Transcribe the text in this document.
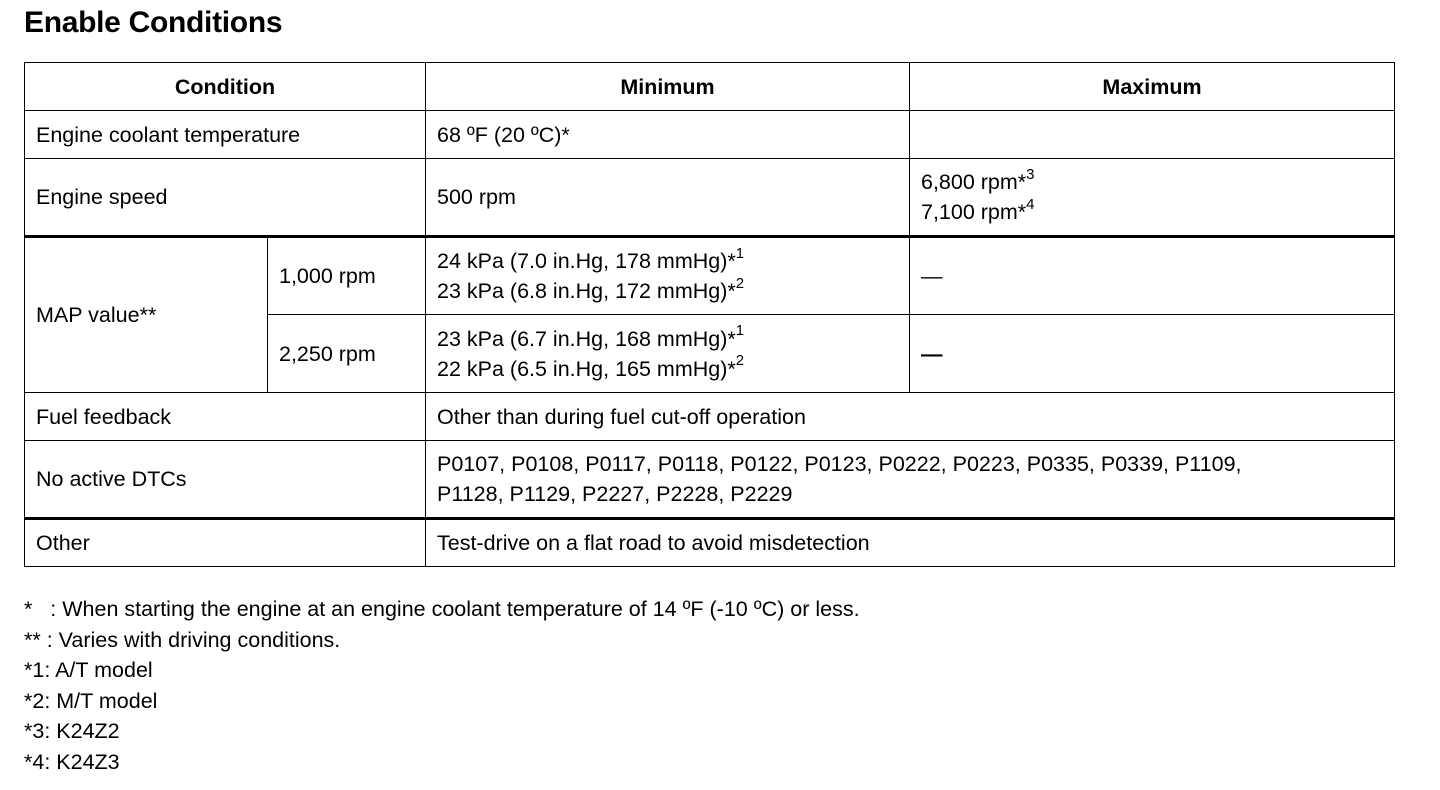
Enable Conditions
Condition		Minimum	Maximum
Engine coolant temperature		68 ºF (20 ºC)*	
Engine speed		500 rpm	6,800 rpm*$^3$
7,100 rpm*$^4$

MAP value**	1,000 rpm	24 kPa (7.0 in.Hg, 178 mmHg)*$^1$
23 kPa (6.8 in.Hg, 172 mmHg)*$^2$	—
	2,250 rpm	23 kPa (6.7 in.Hg, 168 mmHg)*$^1$
22 kPa (6.5 in.Hg, 165 mmHg)*$^2$	—
Fuel feedback		Other than during fuel cut-off operation	
No active DTCs		P0107, P0108, P0117, P0118, P0122, P0123, P0222, P0223, P0335, P0339, P1109,
P1128, P1129, P2227, P2228, P2229	

Other		Test-drive on a flat road to avoid misdetection	
*   : When starting the engine at an engine coolant temperature of 14 ºF (-10 ºC) or less.
** : Varies with driving conditions.
*1: A/T model
*2: M/T model
*3: K24Z2
*4: K24Z3
